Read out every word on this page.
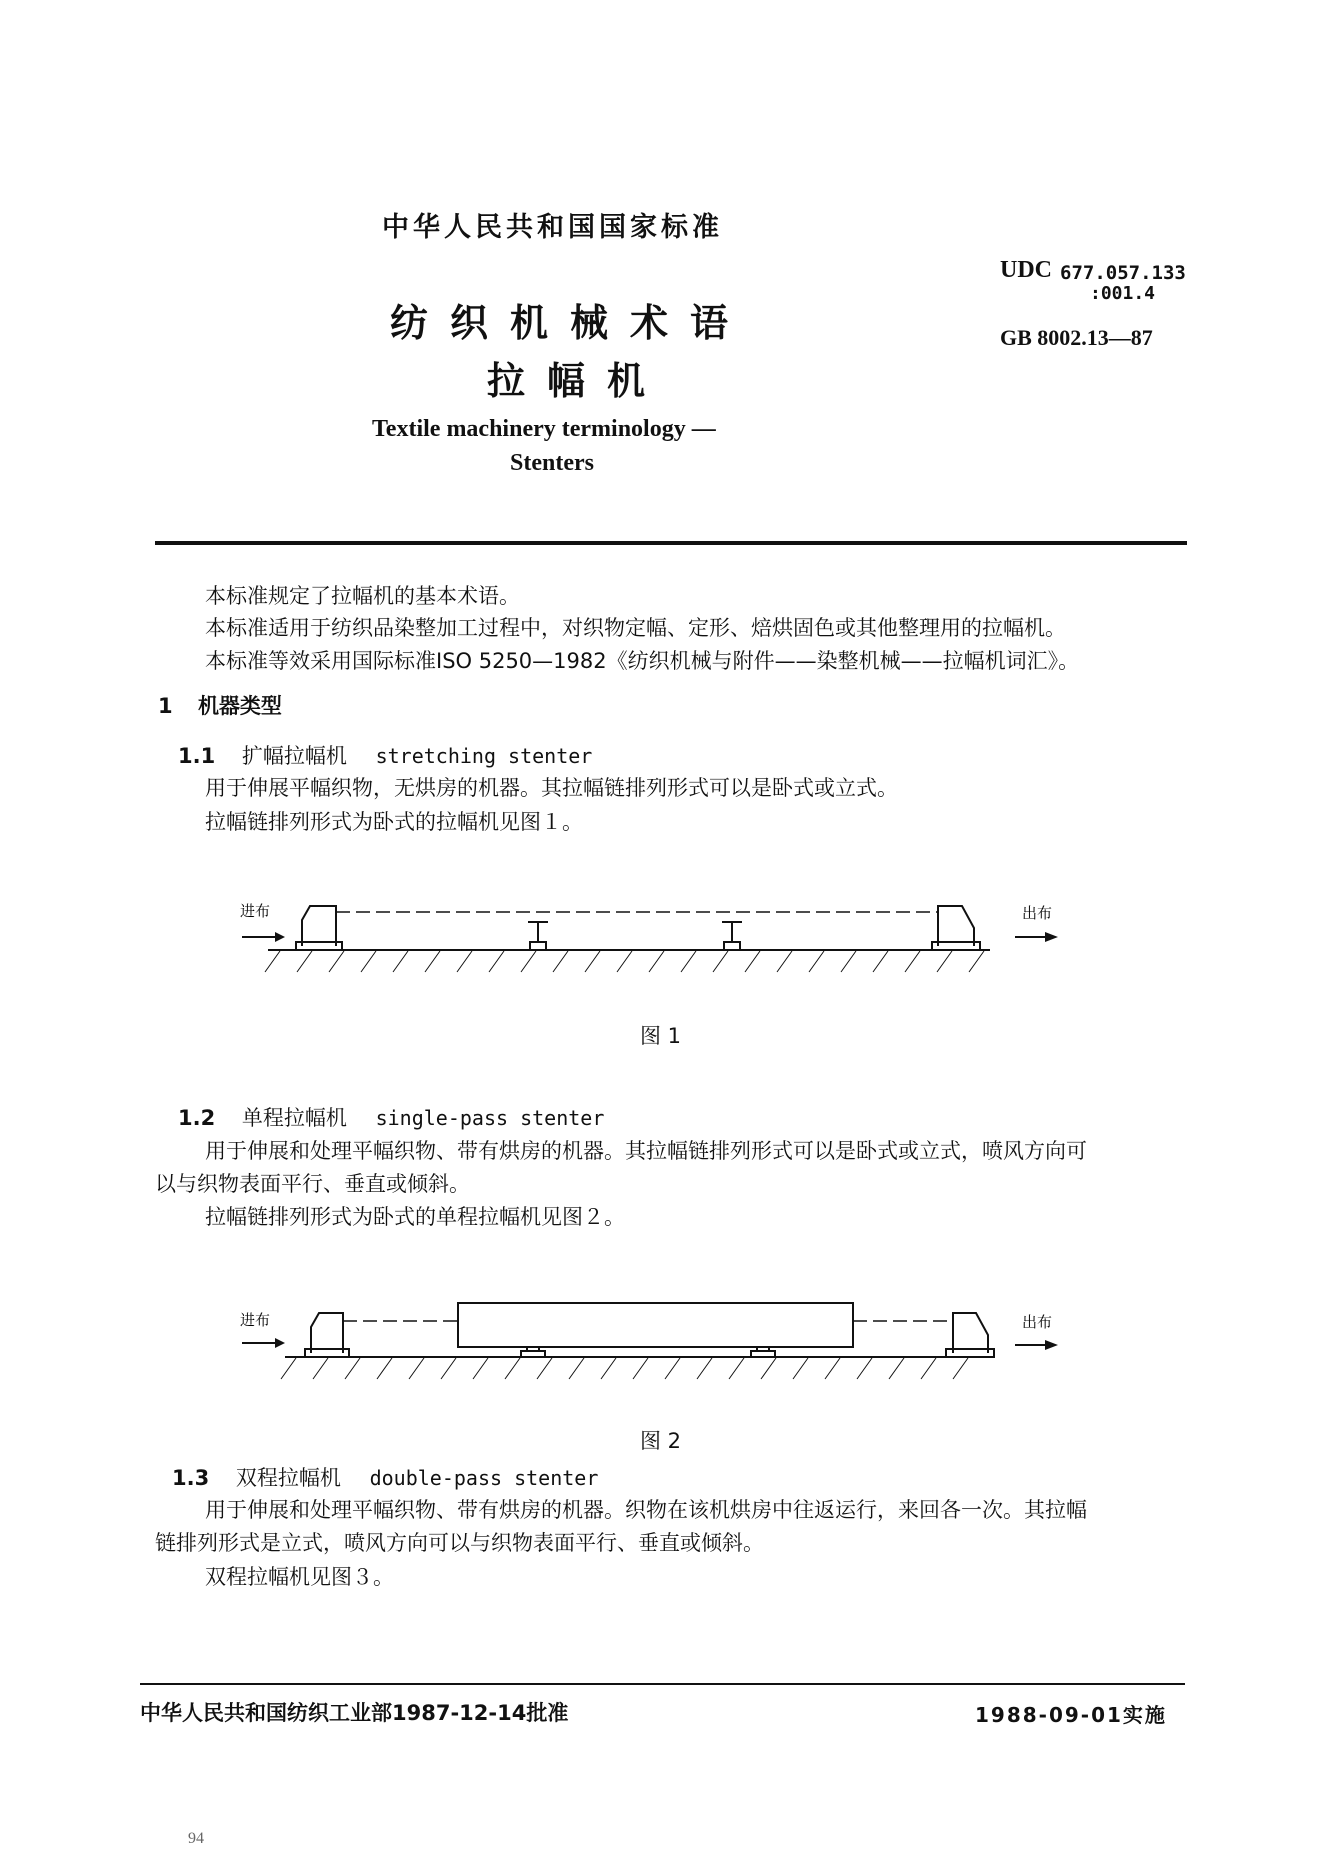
中华人民共和国国家标准
纺织机械术语
拉幅机
Textile machinery terminology —
Stenters
UDC 677.057.133
:001.4
GB 8002.13—87
本标准规定了拉幅机的基本术语。
本标准适用于纺织品染整加工过程中，对织物定幅、定形、焙烘固色或其他整理用的拉幅机。
本标准等效采用国际标准ISO 5250—1982《纺织机械与附件——染整机械——拉幅机词汇》。
1 机器类型
1.1 扩幅拉幅机 stretching stenter
用于伸展平幅织物，无烘房的机器。其拉幅链排列形式可以是卧式或立式。
拉幅链排列形式为卧式的拉幅机见图１。
进布	出布
图 1
1.2 单程拉幅机 single-pass stenter
用于伸展和处理平幅织物、带有烘房的机器。其拉幅链排列形式可以是卧式或立式，喷风方向可
以与织物表面平行、垂直或倾斜。
拉幅链排列形式为卧式的单程拉幅机见图２。
进布	出布
图 2
1.3 双程拉幅机 double-pass stenter
用于伸展和处理平幅织物、带有烘房的机器。织物在该机烘房中往返运行，来回各一次。其拉幅
链排列形式是立式，喷风方向可以与织物表面平行、垂直或倾斜。
双程拉幅机见图３。
中华人民共和国纺织工业部1987-12-14批准	1988-09-01实施
94
